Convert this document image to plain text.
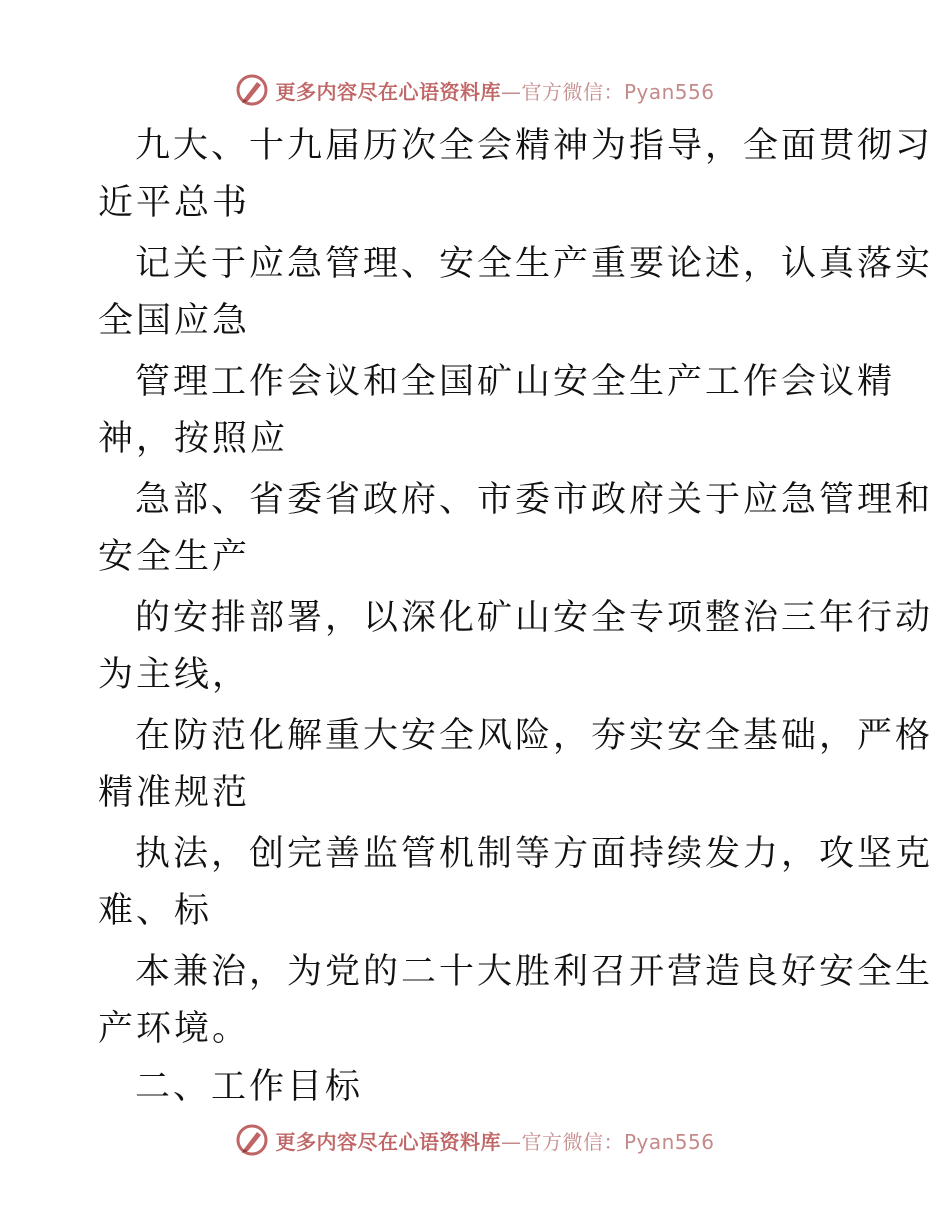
更多内容尽在心语资料库—官方微信：Pyan556
九大、十九届历次全会精神为指导，全面贯彻习
近平总书
记关于应急管理、安全生产重要论述，认真落实
全国应急
管理工作会议和全国矿山安全生产工作会议精
神，按照应
急部、省委省政府、市委市政府关于应急管理和
安全生产
的安排部署，以深化矿山安全专项整治三年行动
为主线，
在防范化解重大安全风险，夯实安全基础，严格
精准规范
执法，创完善监管机制等方面持续发力，攻坚克
难、标
本兼治，为党的二十大胜利召开营造良好安全生
产环境。
二、工作目标
更多内容尽在心语资料库—官方微信：Pyan556
